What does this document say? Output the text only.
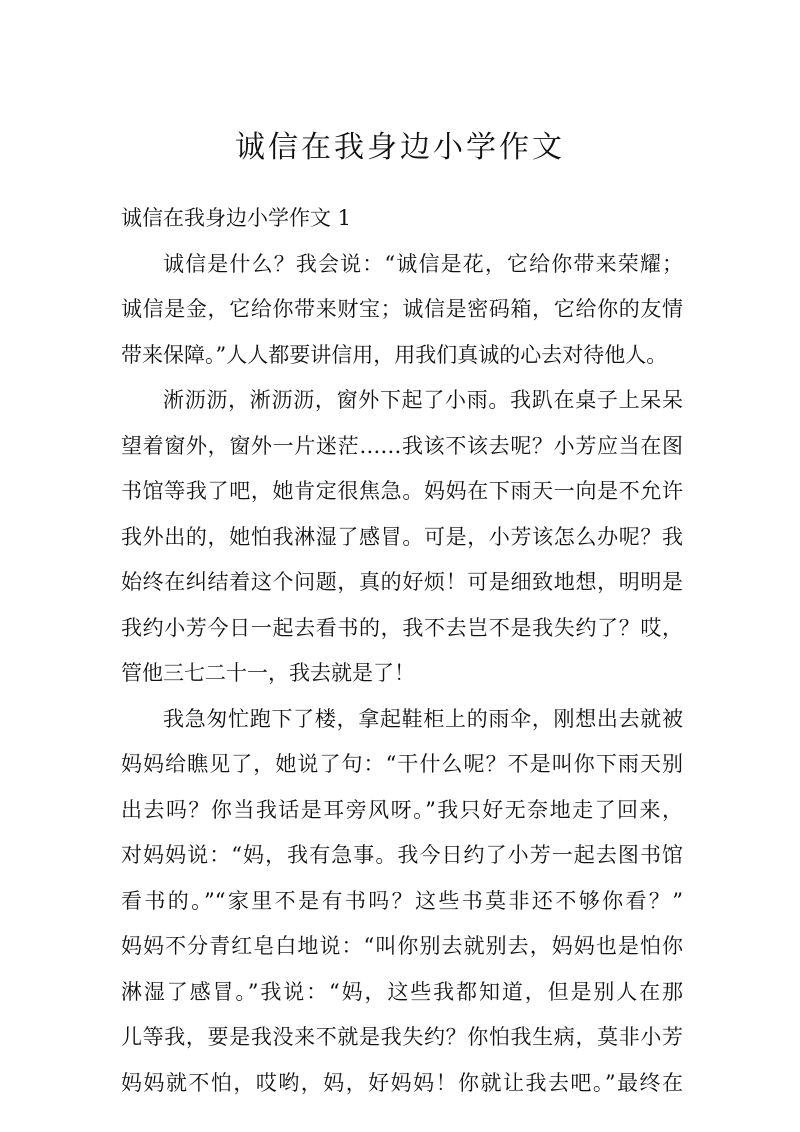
诚信在我身边小学作文

诚信在我身边小学作文 1

诚信是什么？我会说：“诚信是花，它给你带来荣耀；
诚信是金，它给你带来财宝；诚信是密码箱，它给你的友情
带来保障。”人人都要讲信用，用我们真诚的心去对待他人。

淅沥沥，淅沥沥，窗外下起了小雨。我趴在桌子上呆呆
望着窗外，窗外一片迷茫……我该不该去呢？小芳应当在图
书馆等我了吧，她肯定很焦急。妈妈在下雨天一向是不允许
我外出的，她怕我淋湿了感冒。可是，小芳该怎么办呢？我
始终在纠结着这个问题，真的好烦！可是细致地想，明明是
我约小芳今日一起去看书的，我不去岂不是我失约了？哎，
管他三七二十一，我去就是了！

我急匆忙跑下了楼，拿起鞋柜上的雨伞，刚想出去就被
妈妈给瞧见了，她说了句：“干什么呢？不是叫你下雨天别
出去吗？你当我话是耳旁风呀。”我只好无奈地走了回来，
对妈妈说：“妈，我有急事。我今日约了小芳一起去图书馆
看书的。”“家里不是有书吗？这些书莫非还不够你看？”
妈妈不分青红皂白地说：“叫你别去就别去，妈妈也是怕你
淋湿了感冒。”我说：“妈，这些我都知道，但是别人在那
儿等我，要是我没来不就是我失约？你怕我生病，莫非小芳
妈妈就不怕，哎哟，妈，好妈妈！你就让我去吧。”最终在
